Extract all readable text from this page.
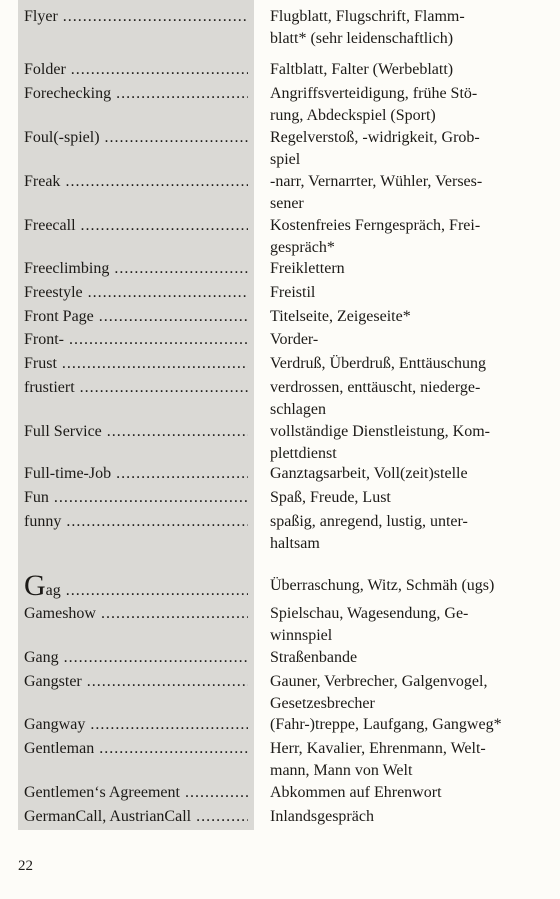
Flyer .....	Flugblatt, Flugschrift, Flamm-
blatt* (sehr leidenschaftlich)
Folder .....	Faltblatt, Falter (Werbeblatt)
Forechecking .....	Angriffsverteidigung, frühe Stö-
rung, Abdeckspiel (Sport)
Foul(-spiel) .....	Regelverstoß, -widrigkeit, Grob-
spiel
Freak .....	-narr, Vernarrter, Wühler, Verses-
sener
Freecall .....	Kostenfreies Ferngespräch, Frei-
gespräch*
Freeclimbing .....	Freiklettern
Freestyle .....	Freistil
Front Page .....	Titelseite, Zeigeseite*
Front- .....	Vorder-
Frust .....	Verdruß, Überdruß, Enttäuschung
frustiert .....	verdrossen, enttäuscht, niederge-
schlagen
Full Service .....	vollständige Dienstleistung, Kom-
plettdienst
Full-time-Job .....	Ganztagsarbeit, Voll(zeit)stelle
Fun .....	Spaß, Freude, Lust
funny .....	spaßig, anregend, lustig, unter-
haltsam
Gag .....	Überraschung, Witz, Schmäh (ugs)
Gameshow .....	Spielschau, Wagesendung, Ge-
winnspiel
Gang .....	Straßenbande
Gangster .....	Gauner, Verbrecher, Galgenvogel,
Gesetzesbrecher
Gangway .....	(Fahr-)treppe, Laufgang, Gangweg*
Gentleman .....	Herr, Kavalier, Ehrenmann, Welt-
mann, Mann von Welt
Gentlemen‘s Agreement .....	Abkommen auf Ehrenwort
GermanCall, AustrianCall .....	Inlandsgespräch
22
